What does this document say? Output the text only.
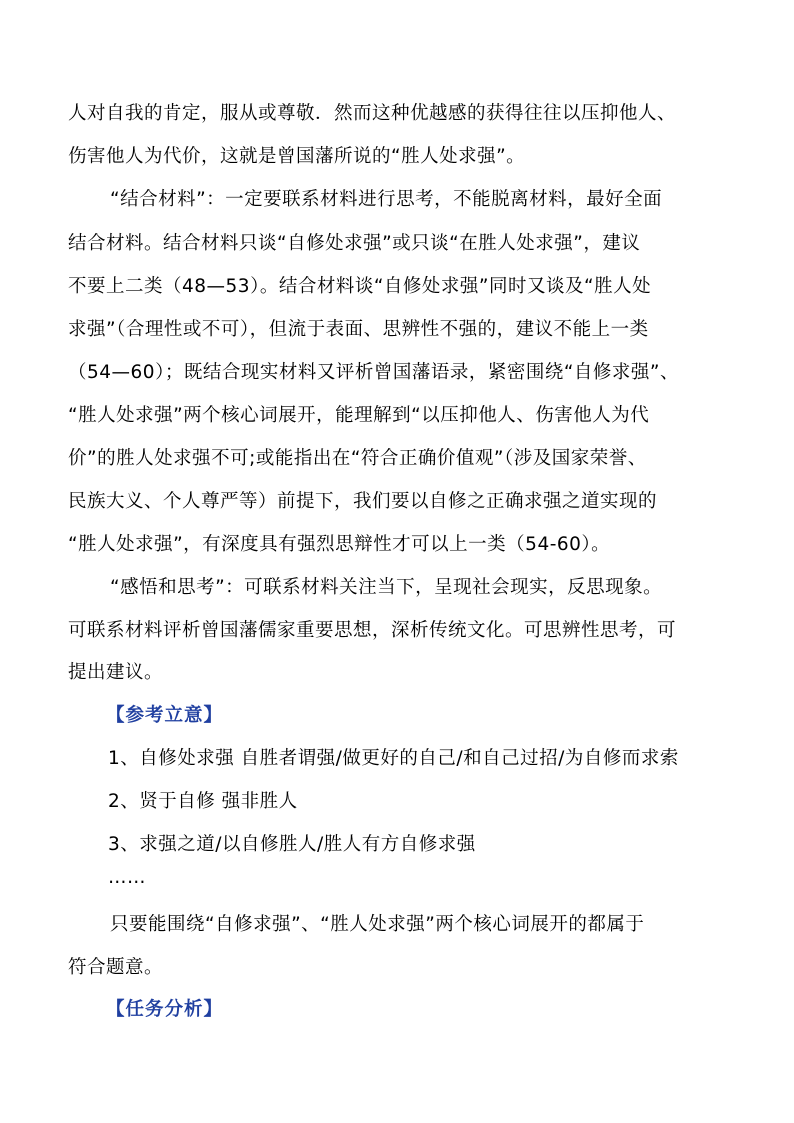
人对自我的肯定，服从或尊敬．然而这种优越感的获得往往以压抑他人、
伤害他人为代价，这就是曾国藩所说的“胜人处求强”。
“结合材料”：一定要联系材料进行思考，不能脱离材料，最好全面
结合材料。结合材料只谈“自修处求强”或只谈“在胜人处求强”，建议
不要上二类（48—53）。结合材料谈“自修处求强”同时又谈及“胜人处
求强”（合理性或不可），但流于表面、思辨性不强的，建议不能上一类
（54—60）；既结合现实材料又评析曾国藩语录，紧密围绕“自修求强”、
“胜人处求强”两个核心词展开，能理解到“以压抑他人、伤害他人为代
价”的胜人处求强不可;或能指出在“符合正确价值观”（涉及国家荣誉、
民族大义、个人尊严等）前提下，我们要以自修之正确求强之道实现的
“胜人处求强”，有深度具有强烈思辩性才可以上一类（54-60）。
“感悟和思考”：可联系材料关注当下，呈现社会现实，反思现象。
可联系材料评析曾国藩儒家重要思想，深析传统文化。可思辨性思考，可
提出建议。
【参考立意】
1、自修处求强 自胜者谓强/做更好的自己/和自己过招/为自修而求索
2、贤于自修 强非胜人
3、求强之道/以自修胜人/胜人有方自修求强
……
只要能围绕“自修求强”、“胜人处求强”两个核心词展开的都属于
符合题意。
【任务分析】
